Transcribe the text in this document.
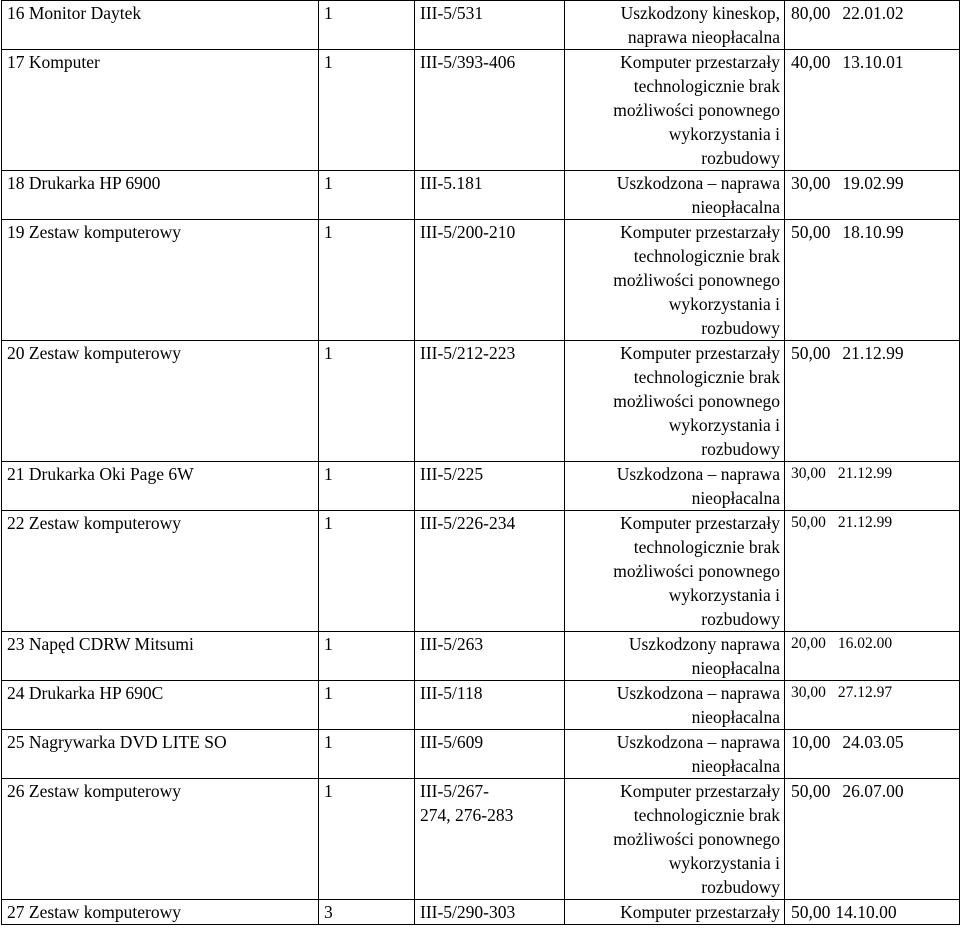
16 Monitor Daytek	1	III-5/531	Uszkodzony kineskop,
naprawa nieopłacalna	80,00 22.01.02

17 Komputer	1	III-5/393-406	Komputer przestarzały
technologicznie brak
możliwości ponownego
wykorzystania i
rozbudowy	40,00 13.10.01

18 Drukarka HP 6900	1	III-5.181	Uszkodzona – naprawa
nieopłacalna	30,00 19.02.99

19 Zestaw komputerowy	1	III-5/200-210	Komputer przestarzały
technologicznie brak
możliwości ponownego
wykorzystania i
rozbudowy	50,00 18.10.99

20 Zestaw komputerowy	1	III-5/212-223	Komputer przestarzały
technologicznie brak
możliwości ponownego
wykorzystania i
rozbudowy	50,00 21.12.99

21 Drukarka Oki Page 6W	1	III-5/225	Uszkodzona – naprawa
nieopłacalna	30,00 21.12.99

22 Zestaw komputerowy	1	III-5/226-234	Komputer przestarzały
technologicznie brak
możliwości ponownego
wykorzystania i
rozbudowy	50,00 21.12.99

23 Napęd CDRW Mitsumi	1	III-5/263	Uszkodzony naprawa
nieopłacalna	20,00 16.02.00

24 Drukarka HP 690C	1	III-5/118	Uszkodzona – naprawa
nieopłacalna	30,00 27.12.97

25 Nagrywarka DVD LITE SO	1	III-5/609	Uszkodzona – naprawa
nieopłacalna	10,00 24.03.05

26 Zestaw komputerowy	1	III-5/267-
274, 276-283	Komputer przestarzały
technologicznie brak
możliwości ponownego
wykorzystania i
rozbudowy	50,00 26.07.00

27 Zestaw komputerowy	3	III-5/290-303	Komputer przestarzały	50,00 14.10.00
